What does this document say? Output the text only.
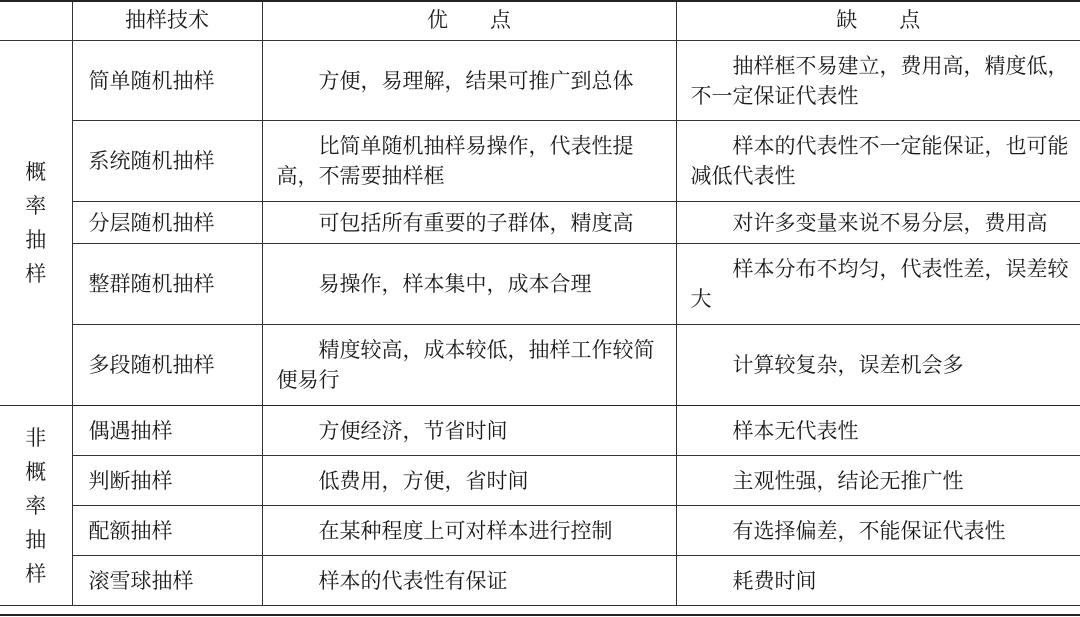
	抽样技术	优　　点	缺　　点
概率抽样	简单随机抽样	方便，易理解，结果可推广到总体	抽样框不易建立，费用高，精度低，不一定保证代表性
	系统随机抽样	比简单随机抽样易操作，代表性提高，不需要抽样框	样本的代表性不一定能保证，也可能减低代表性
	分层随机抽样	可包括所有重要的子群体，精度高	对许多变量来说不易分层，费用高
	整群随机抽样	易操作，样本集中，成本合理	样本分布不均匀，代表性差，误差较大
	多段随机抽样	精度较高，成本较低，抽样工作较简便易行	计算较复杂，误差机会多
非概率抽样	偶遇抽样	方便经济，节省时间	样本无代表性
	判断抽样	低费用，方便，省时间	主观性强，结论无推广性
	配额抽样	在某种程度上可对样本进行控制	有选择偏差，不能保证代表性
	滚雪球抽样	样本的代表性有保证	耗费时间
